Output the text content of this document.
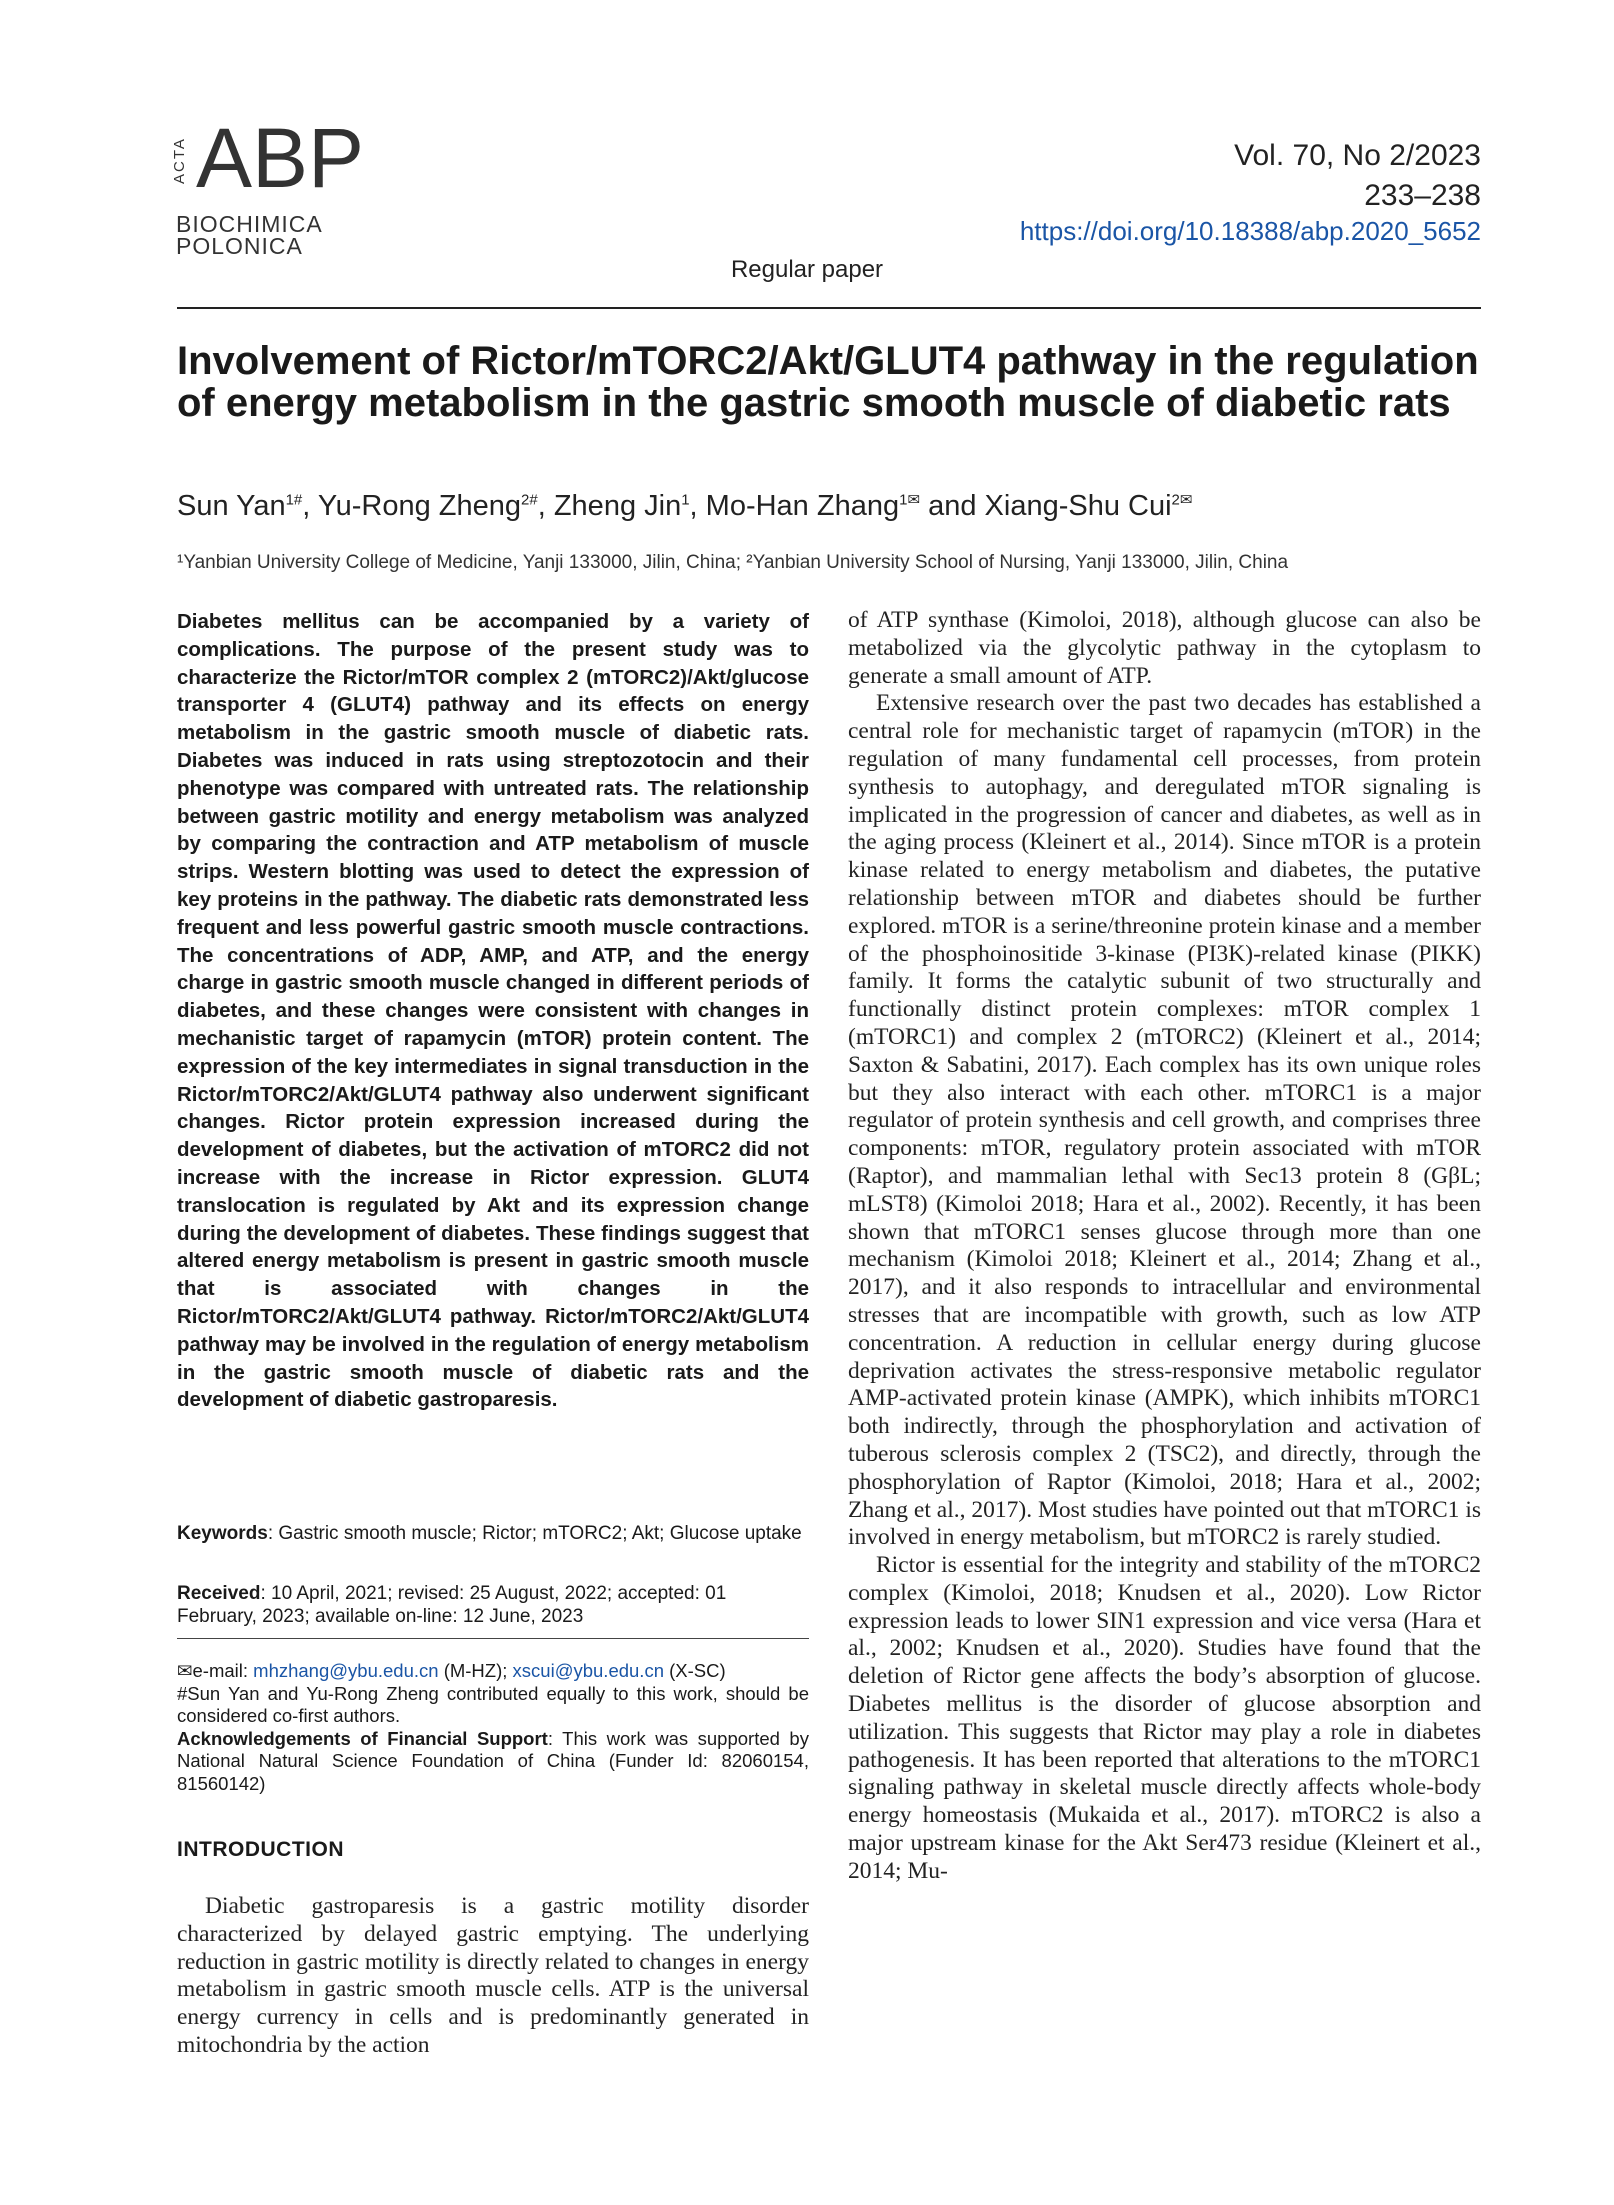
ACTA ABP
BIOCHIMICA
POLONICA
Vol. 70, No 2/2023
233–238
https://doi.org/10.18388/abp.2020_5652
Regular paper
Involvement of Rictor/mTORC2/Akt/GLUT4 pathway in the regulation of energy metabolism in the gastric smooth muscle of diabetic rats
Sun Yan$^{1\#}$, Yu-Rong Zheng$^{2\#}$, Zheng Jin$^1$, Mo-Han Zhang$^{1✉}$ and Xiang-Shu Cui$^{2✉}$
¹Yanbian University College of Medicine, Yanji 133000, Jilin, China; ²Yanbian University School of Nursing, Yanji 133000, Jilin, China
Diabetes mellitus can be accompanied by a variety of complications. The purpose of the present study was to characterize the Rictor/mTOR complex 2 (mTORC2)/Akt/glucose transporter 4 (GLUT4) pathway and its effects on energy metabolism in the gastric smooth muscle of diabetic rats. Diabetes was induced in rats using streptozotocin and their phenotype was compared with untreated rats. The relationship between gastric motility and energy metabolism was analyzed by comparing the contraction and ATP metabolism of muscle strips. Western blotting was used to detect the expression of key proteins in the pathway. The diabetic rats demonstrated less frequent and less powerful gastric smooth muscle contractions. The concentrations of ADP, AMP, and ATP, and the energy charge in gastric smooth muscle changed in different periods of diabetes, and these changes were consistent with changes in mechanistic target of rapamycin (mTOR) protein content. The expression of the key intermediates in signal transduction in the Rictor/mTORC2/Akt/GLUT4 pathway also underwent significant changes. Rictor protein expression increased during the development of diabetes, but the activation of mTORC2 did not increase with the increase in Rictor expression. GLUT4 translocation is regulated by Akt and its expression change during the development of diabetes. These findings suggest that altered energy metabolism is present in gastric smooth muscle that is associated with changes in the Rictor/mTORC2/Akt/GLUT4 pathway. Rictor/mTORC2/Akt/GLUT4 pathway may be involved in the regulation of energy metabolism in the gastric smooth muscle of diabetic rats and the development of diabetic gastroparesis.
Keywords: Gastric smooth muscle; Rictor; mTORC2; Akt; Glucose uptake
Received: 10 April, 2021; revised: 25 August, 2022; accepted: 01 February, 2023; available on-line: 12 June, 2023
✉e-mail: mhzhang@ybu.edu.cn (M-HZ); xscui@ybu.edu.cn (X-SC)
#Sun Yan and Yu-Rong Zheng contributed equally to this work, should be considered co-first authors.
Acknowledgements of Financial Support: This work was supported by National Natural Science Foundation of China (Funder Id: 82060154, 81560142)
INTRODUCTION
Diabetic gastroparesis is a gastric motility disorder characterized by delayed gastric emptying. The underlying reduction in gastric motility is directly related to changes in energy metabolism in gastric smooth muscle cells. ATP is the universal energy currency in cells and is predominantly generated in mitochondria by the action

of ATP synthase (Kimoloi, 2018), although glucose can also be metabolized via the glycolytic pathway in the cytoplasm to generate a small amount of ATP.

Extensive research over the past two decades has established a central role for mechanistic target of rapamycin (mTOR) in the regulation of many fundamental cell processes, from protein synthesis to autophagy, and deregulated mTOR signaling is implicated in the progression of cancer and diabetes, as well as in the aging process (Kleinert et al., 2014). Since mTOR is a protein kinase related to energy metabolism and diabetes, the putative relationship between mTOR and diabetes should be further explored. mTOR is a serine/threonine protein kinase and a member of the phosphoinositide 3-kinase (PI3K)-related kinase (PIKK) family. It forms the catalytic subunit of two structurally and functionally distinct protein complexes: mTOR complex 1 (mTORC1) and complex 2 (mTORC2) (Kleinert et al., 2014; Saxton & Sabatini, 2017). Each complex has its own unique roles but they also interact with each other. mTORC1 is a major regulator of protein synthesis and cell growth, and comprises three components: mTOR, regulatory protein associated with mTOR (Raptor), and mammalian lethal with Sec13 protein 8 (GβL; mLST8) (Kimoloi 2018; Hara et al., 2002). Recently, it has been shown that mTORC1 senses glucose through more than one mechanism (Kimoloi 2018; Kleinert et al., 2014; Zhang et al., 2017), and it also responds to intracellular and environmental stresses that are incompatible with growth, such as low ATP concentration. A reduction in cellular energy during glucose deprivation activates the stress-responsive metabolic regulator AMP-activated protein kinase (AMPK), which inhibits mTORC1 both indirectly, through the phosphorylation and activation of tuberous sclerosis complex 2 (TSC2), and directly, through the phosphorylation of Raptor (Kimoloi, 2018; Hara et al., 2002; Zhang et al., 2017). Most studies have pointed out that mTORC1 is involved in energy metabolism, but mTORC2 is rarely studied.

Rictor is essential for the integrity and stability of the mTORC2 complex (Kimoloi, 2018; Knudsen et al., 2020). Low Rictor expression leads to lower SIN1 expression and vice versa (Hara et al., 2002; Knudsen et al., 2020). Studies have found that the deletion of Rictor gene affects the body’s absorption of glucose. Diabetes mellitus is the disorder of glucose absorption and utilization. This suggests that Rictor may play a role in diabetes pathogenesis. It has been reported that alterations to the mTORC1 signaling pathway in skeletal muscle directly affects whole-body energy homeostasis (Mukaida et al., 2017). mTORC2 is also a major upstream kinase for the Akt Ser473 residue (Kleinert et al., 2014; Mu-
